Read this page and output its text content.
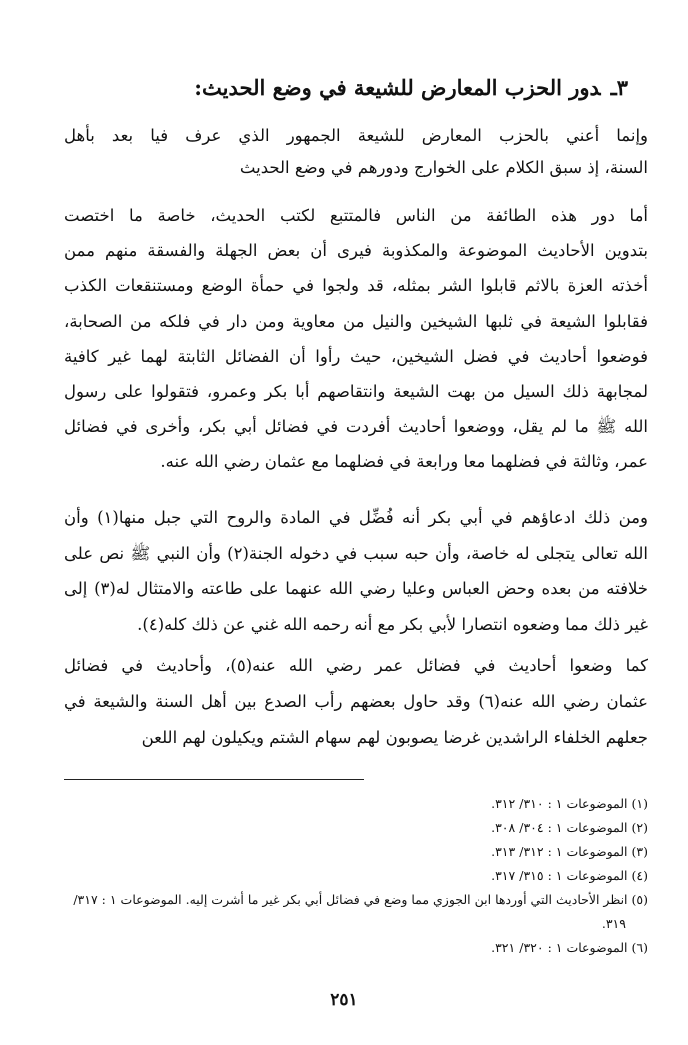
٣ـدور الحزب المعارض للشيعة في وضع الحديث:
وإنما أعني بالحزب المعارض للشيعة الجمهور الذي عرف فيا بعد بأهل
السنة، إذ سبق الكلام على الخوارج ودورهم في وضع الحديث
أما دور هذه الطائفة من الناس فالمتتبع لكتب الحديث، خاصة ما اختصت
بتدوين الأحاديث الموضوعة والمكذوبة فيرى أن بعض الجهلة والفسقة منهم ممن
أخذته العزة بالاثم قابلوا الشر بمثله، قد ولجوا في حمأة الوضع ومستنقعات الكذب
فقابلوا الشيعة في ثلبها الشيخين والنيل من معاوية ومن دار في فلكه من الصحابة،
فوضعوا أحاديث في فضل الشيخين، حيث رأوا أن الفضائل الثابتة لهما غير كافية
لمجابهة ذلك السيل من بهت الشيعة وانتقاصهم أبا بكر وعمرو، فتقولوا على رسول
الله ﷺ ما لم يقل، ووضعوا أحاديث أفردت في فضائل أبي بكر، وأخرى في فضائل
عمر، وثالثة في فضلهما معا ورابعة في فضلهما مع عثمان رضي الله عنه.
ومن ذلك ادعاؤهم في أبي بكر أنه فُضِّل في المادة والروح التي جبل منها(١) وأن
الله تعالى يتجلى له خاصة، وأن حبه سبب في دخوله الجنة(٢) وأن النبي ﷺ نص على
خلافته من بعده وحض العباس وعليا رضي الله عنهما على طاعته والامتثال له(٣) إلى
غير ذلك مما وضعوه انتصارا لأبي بكر مع أنه رحمه الله غني عن ذلك كله(٤).
كما وضعوا أحاديث في فضائل عمر رضي الله عنه(٥)، وأحاديث في فضائل
عثمان رضي الله عنه(٦) وقد حاول بعضهم رأب الصدع بين أهل السنة والشيعة في
جعلهم الخلفاء الراشدين غرضا يصوبون لهم سهام الشتم ويكيلون لهم اللعن
(١) الموضوعات ١ : ٣١٠/ ٣١٢.
(٢) الموضوعات ١ : ٣٠٤/ ٣٠٨.
(٣) الموضوعات ١ : ٣١٢/ ٣١٣.
(٤) الموضوعات ١ : ٣١٥/ ٣١٧.
(٥) انظر الأحاديث التي أوردها ابن الجوزي مما وضع في فضائل أبي بكر غير ما أشرت إليه. الموضوعات ١ : ٣١٧/
٣١٩.
(٦) الموضوعات ١ : ٣٢٠/ ٣٢١.
٢٥١
